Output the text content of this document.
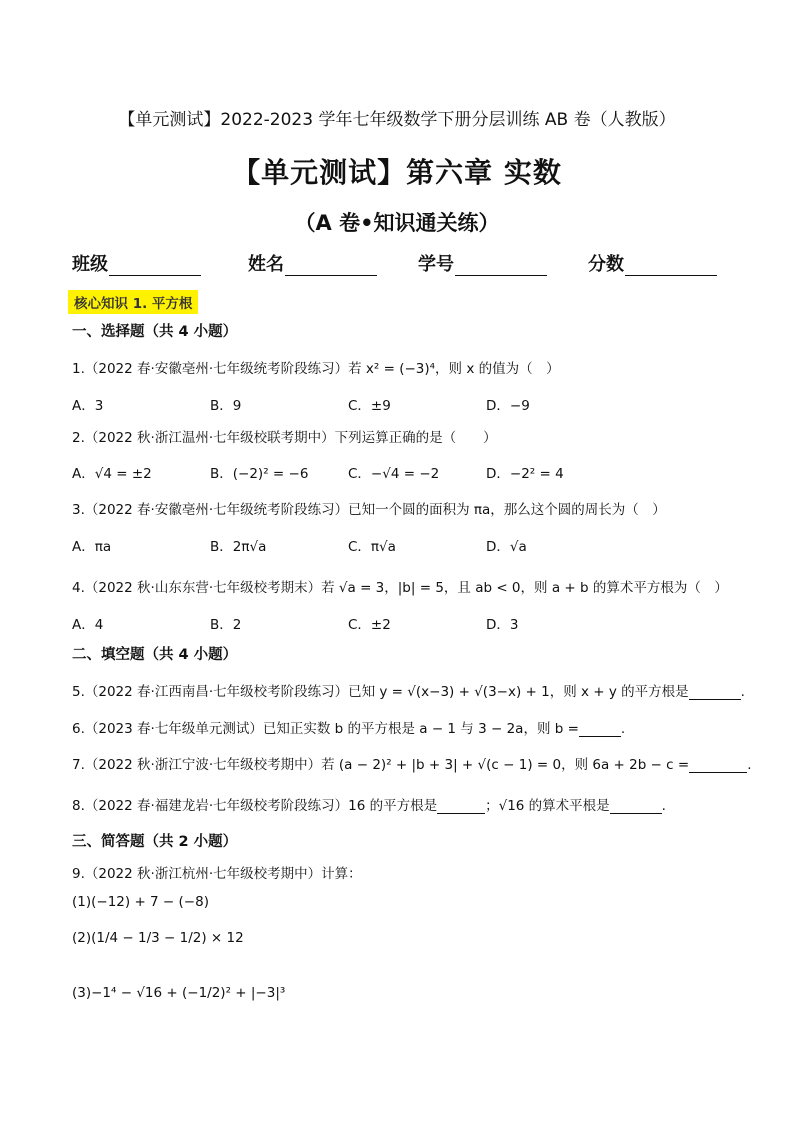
【单元测试】2022-2023 学年七年级数学下册分层训练 AB 卷（人教版）
【单元测试】第六章 实数
（A 卷•知识通关练）
班级	姓名	学号	分数
核心知识 1. 平方根
一、选择题（共 4 小题）
1.（2022 春·安徽亳州·七年级统考阶段练习）若 x² = (−3)⁴，则 x 的值为（　）
A．3	B．9	C．±9	D．−9
2.（2022 秋·浙江温州·七年级校联考期中）下列运算正确的是（　　）
A．√4 = ±2	B．(−2)² = −6	C．−√4 = −2	D．−2² = 4
3.（2022 春·安徽亳州·七年级统考阶段练习）已知一个圆的面积为 πa，那么这个圆的周长为（　）
A．πa	B．2π√a	C．π√a	D．√a
4.（2022 秋·山东东营·七年级校考期末）若 √a = 3，|b| = 5，且 ab < 0，则 a + b 的算术平方根为（　）
A．4	B．2	C．±2	D．3
二、填空题（共 4 小题）
5.（2022 春·江西南昌·七年级校考阶段练习）已知 y = √(x−3) + √(3−x) + 1，则 x + y 的平方根是	.
6.（2023 春·七年级单元测试）已知正实数 b 的平方根是 a − 1 与 3 − 2a，则 b =	.
7.（2022 秋·浙江宁波·七年级校考期中）若 (a − 2)² + |b + 3| + √(c − 1) = 0，则 6a + 2b − c =	.
8.（2022 春·福建龙岩·七年级校考阶段练习）16 的平方根是	；√16 的算术平根是	.
三、简答题（共 2 小题）
9.（2022 秋·浙江杭州·七年级校考期中）计算：
(1)(−12) + 7 − (−8)
(2)(1/4 − 1/3 − 1/2) × 12
(3)−1⁴ − √16 + (−1/2)² + |−3|³
